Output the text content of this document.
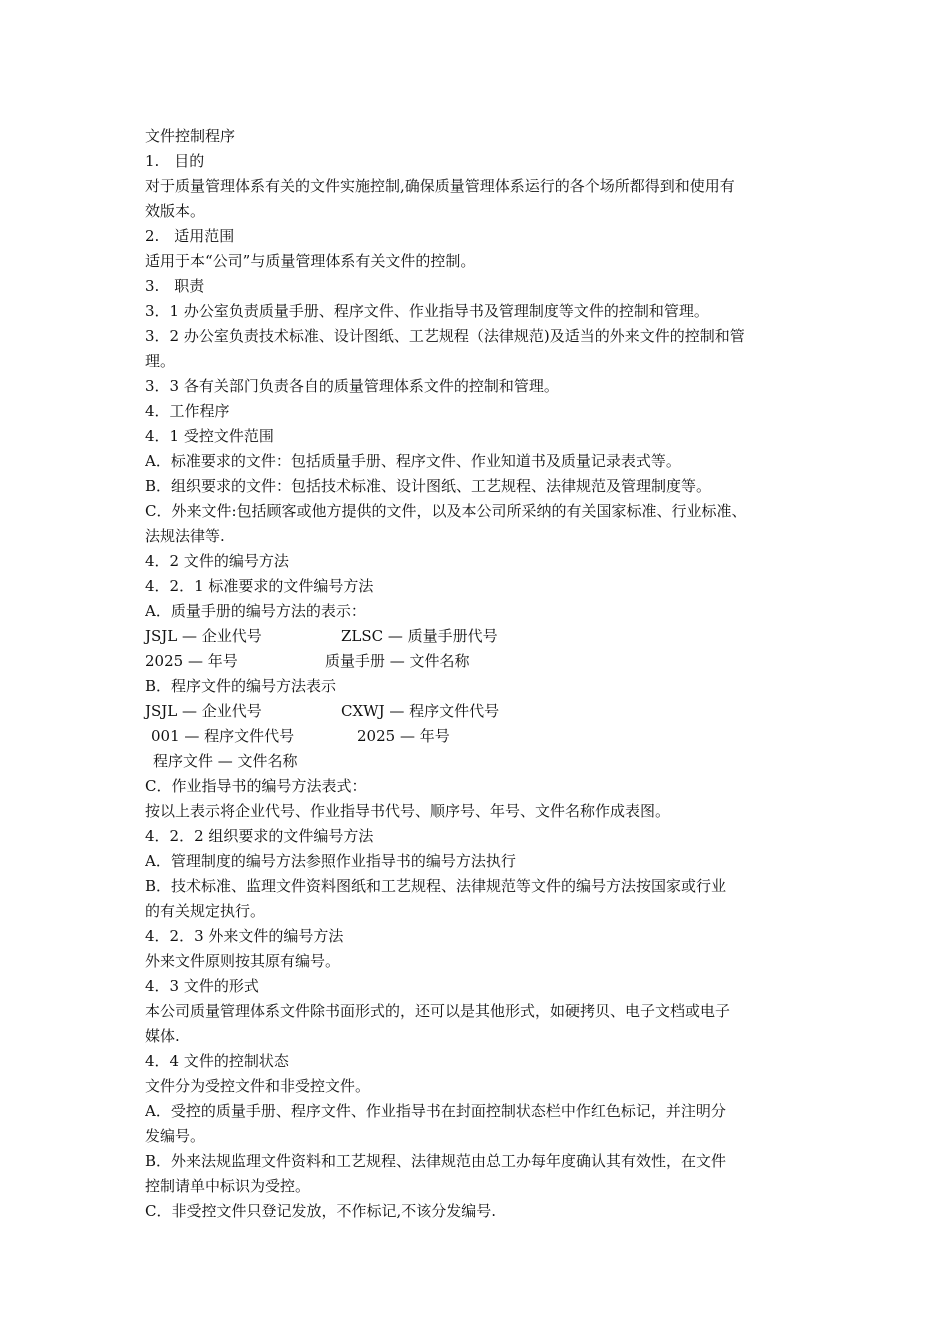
文件控制程序
1.　目的
对于质量管理体系有关的文件实施控制,确保质量管理体系运行的各个场所都得到和使用有
效版本。
2.　适用范围
适用于本“公司”与质量管理体系有关文件的控制。
3.　职责
3．1 办公室负责质量手册、程序文件、作业指导书及管理制度等文件的控制和管理。
3．2 办公室负责技术标准、设计图纸、工艺规程（法律规范)及适当的外来文件的控制和管
理。
3．3 各有关部门负责各自的质量管理体系文件的控制和管理。
4．工作程序
4．1 受控文件范围
A．标准要求的文件：包括质量手册、程序文件、作业知道书及质量记录表式等。
B．组织要求的文件：包括技术标准、设计图纸、工艺规程、法律规范及管理制度等。
C．外来文件:包括顾客或他方提供的文件，以及本公司所采纳的有关国家标准、行业标准、
法规法律等.
4．2 文件的编号方法
4．2．1 标准要求的文件编号方法
A．质量手册的编号方法的表示：
JSJL — 企业代号	ZLSC — 质量手册代号
2025 — 年号	质量手册 — 文件名称
B．程序文件的编号方法表示
JSJL — 企业代号	CXWJ — 程序文件代号
001 — 程序文件代号	2025 — 年号
程序文件 — 文件名称
C．作业指导书的编号方法表式：
按以上表示将企业代号、作业指导书代号、顺序号、年号、文件名称作成表图。
4．2．2 组织要求的文件编号方法
A．管理制度的编号方法参照作业指导书的编号方法执行
B．技术标准、监理文件资料图纸和工艺规程、法律规范等文件的编号方法按国家或行业
的有关规定执行。
4．2．3 外来文件的编号方法
外来文件原则按其原有编号。
4．3 文件的形式
本公司质量管理体系文件除书面形式的，还可以是其他形式，如硬拷贝、电子文档或电子
媒体.
4．4 文件的控制状态
文件分为受控文件和非受控文件。
A．受控的质量手册、程序文件、作业指导书在封面控制状态栏中作红色标记，并注明分
发编号。
B．外来法规监理文件资料和工艺规程、法律规范由总工办每年度确认其有效性，在文件
控制请单中标识为受控。
C．非受控文件只登记发放，不作标记,不该分发编号.
